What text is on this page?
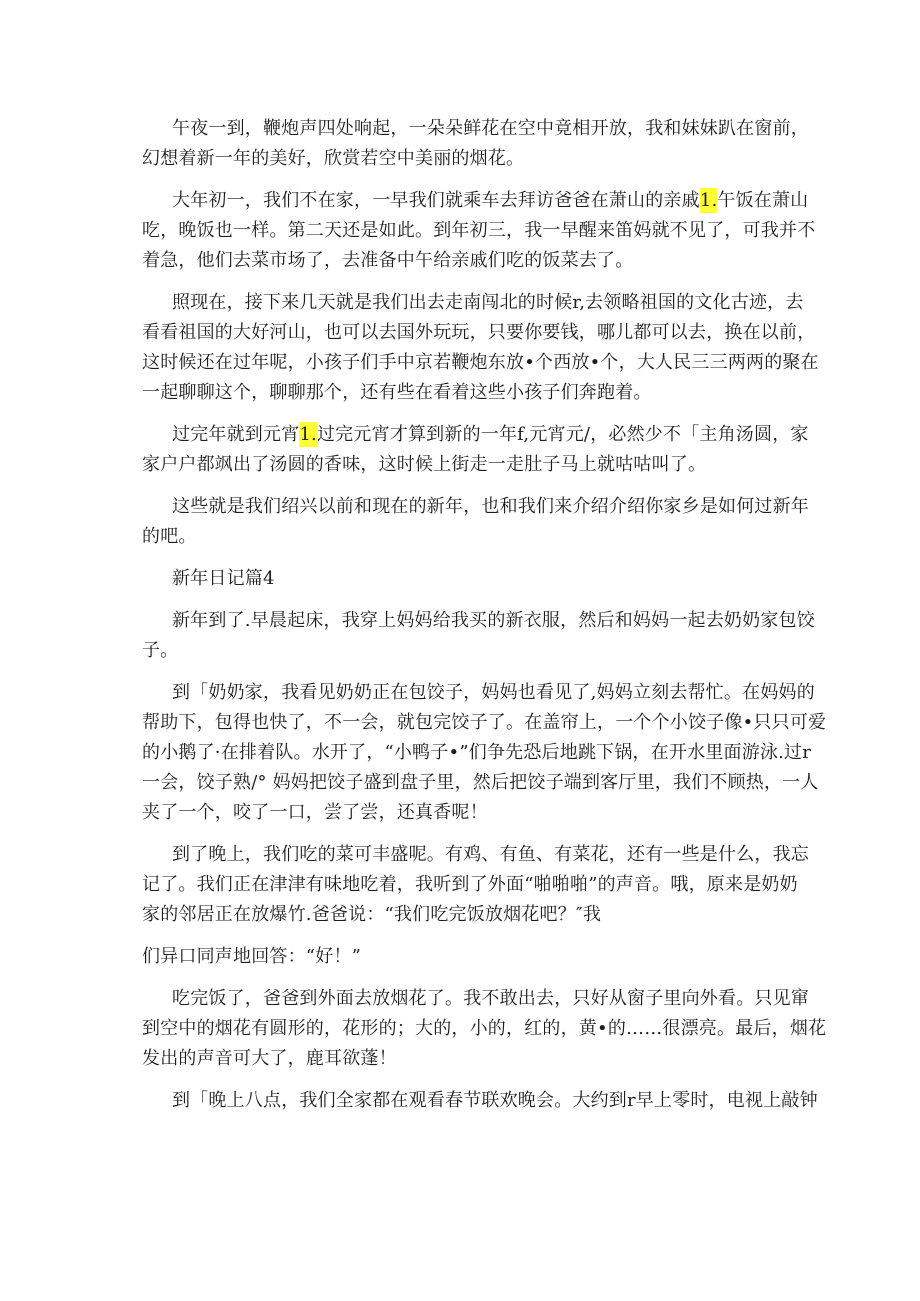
午夜一到，鞭炮声四处响起，一朵朵鲜花在空中竟相开放，我和妹妹趴在窗前，
幻想着新一年的美好，欣赏若空中美丽的烟花。
大年初一，我们不在家，一早我们就乘车去拜访爸爸在萧山的亲戚1.午饭在萧山
吃，晚饭也一样。第二天还是如此。到年初三，我一早醒来笛妈就不见了，可我并不
着急，他们去菜市场了，去准备中午给亲戚们吃的饭菜去了。
照现在，接下来几天就是我们出去走南闯北的时候r,去领略祖国的文化古迹，去
看看祖国的大好河山，也可以去国外玩玩，只要你要钱，哪儿都可以去，换在以前，
这时候还在过年呢，小孩子们手中京若鞭炮东放•个西放•个，大人民三三两两的聚在
一起聊聊这个，聊聊那个，还有些在看着这些小孩子们奔跑着。
过完年就到元宵1.过完元宵才算到新的一年f,元宵元/，必然少不「主角汤圆，家
家户户都飒出了汤圆的香味，这时候上街走一走肚子马上就咕咕叫了。
这些就是我们绍兴以前和现在的新年，也和我们来介绍介绍你家乡是如何过新年
的吧。
新年日记篇4
新年到了.早晨起床，我穿上妈妈给我买的新衣服，然后和妈妈一起去奶奶家包饺
子。
到「奶奶家，我看见奶奶正在包饺子，妈妈也看见了,妈妈立刻去帮忙。在妈妈的
帮助下，包得也快了，不一会，就包完饺子了。在盖帘上，一个个小饺子像•只只可爱
的小鹅了·在排着队。水开了，“小鸭子•”们争先恐后地跳下锅，在开水里面游泳.过r
一会，饺子熟/° 妈妈把饺子盛到盘子里，然后把饺子端到客厅里，我们不顾热，一人
夹了一个，咬了一口，尝了尝，还真香呢！
到了晚上，我们吃的菜可丰盛呢。有鸡、有鱼、有菜花，还有一些是什么，我忘
记了。我们正在津津有味地吃着，我听到了外面“啪啪啪”的声音。哦，原来是奶奶
家的邻居正在放爆竹.爸爸说：“我们吃完饭放烟花吧？″我
们异口同声地回答：“好！”
吃完饭了，爸爸到外面去放烟花了。我不敢出去，只好从窗子里向外看。只见窜
到空中的烟花有圆形的，花形的；大的，小的，红的，黄•的……很漂亮。最后，烟花
发出的声音可大了，鹿耳欲蓬！
到「晚上八点，我们全家都在观看春节联欢晚会。大约到r早上零时，电视上敲钟
